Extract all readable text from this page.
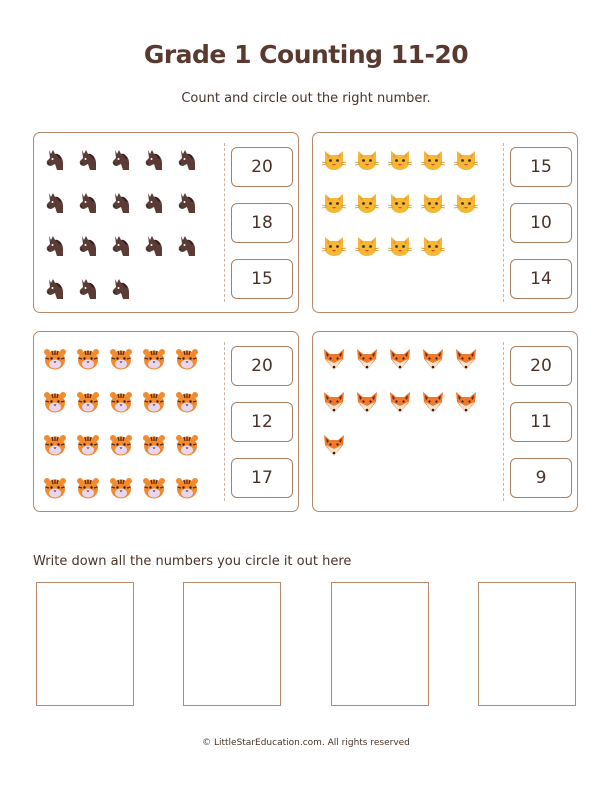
Grade 1 Counting 11-20
Count and circle out the right number.
20
18
15
15
10
14
20
12
17
20
11
9
Write down all the numbers you circle it out here
© LittleStarEducation.com. All rights reserved
